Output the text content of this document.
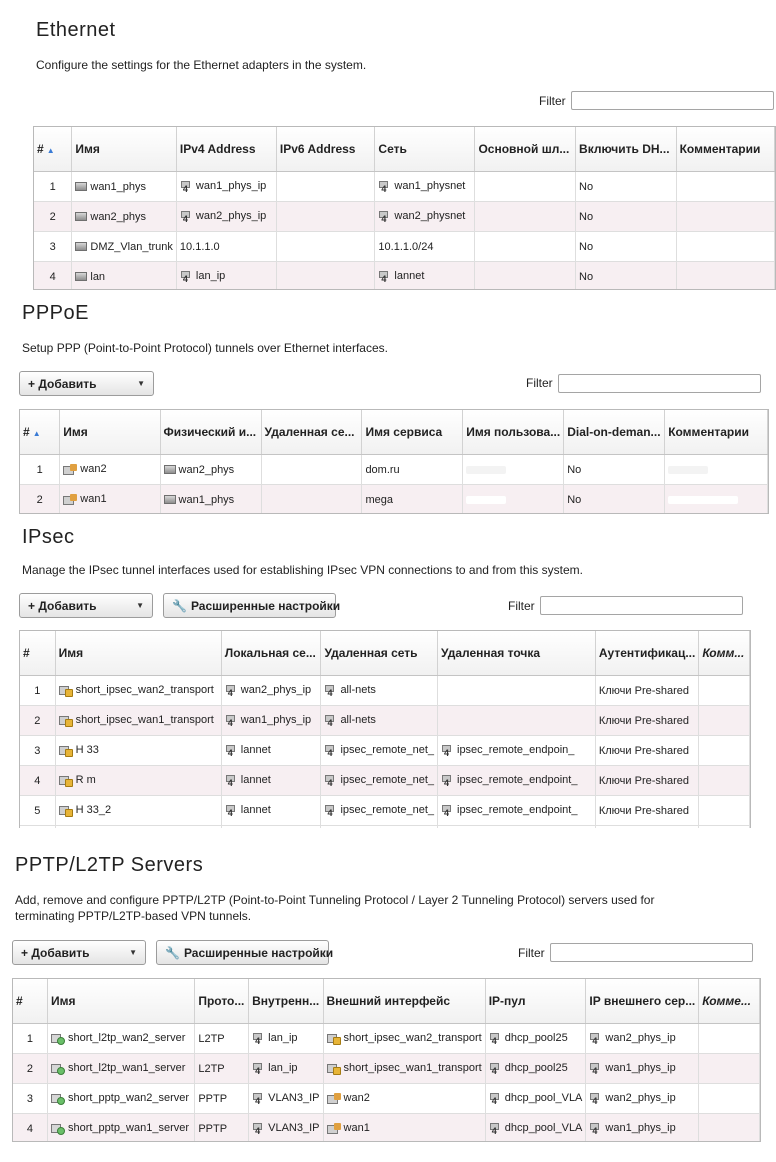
Ethernet
Configure the settings for the Ethernet adapters in the system.
Filter
# ▲	Имя	IPv4 Address	IPv6 Address	Сеть	Основной шл...	Включить DH...	Комментарии
1	wan1_phys	4wan1_phys_ip		4wan1_physnet		No	
2	wan2_phys	4wan2_phys_ip		4wan2_physnet		No	
3	DMZ_Vlan_trunk	10.1.1.0		10.1.1.0/24		No	
4	lan	4lan_ip		4lannet		No	
PPPoE
Setup PPP (Point-to-Point Protocol) tunnels over Ethernet interfaces.
+ Добавить	▼	Filter
# ▲	Имя	Физический и...	Удаленная се...	Имя сервиса	Имя пользова...	Dial-on-deman...	Комментарии
1	wan2	wan2_phys		dom.ru		No	
2	wan1	wan1_phys		mega		No	
IPsec
Manage the IPsec tunnel interfaces used for establishing IPsec VPN connections to and from this system.
+ Добавить	▼ 🔧 Расширенные настройки	Filter
#	Имя	Локальная се...	Удаленная сеть	Удаленная точка	Аутентификац...	Комм...
1	short_ipsec_wan2_transport	4wan2_phys_ip	4all-nets		Ключи Pre-shared	
2	short_ipsec_wan1_transport	4wan1_phys_ip	4all-nets		Ключи Pre-shared	
3	H 33	4lannet	4ipsec_remote_net_	4ipsec_remote_endpoin_	Ключи Pre-shared	
4	R m	4lannet	4ipsec_remote_net_	4ipsec_remote_endpoint_	Ключи Pre-shared	
5	H 33_2	4lannet	4ipsec_remote_net_	4ipsec_remote_endpoint_	Ключи Pre-shared	

PPTP/L2TP Servers
Add, remove and configure PPTP/L2TP (Point-to-Point Tunneling Protocol / Layer 2 Tunneling Protocol) servers used for
terminating PPTP/L2TP-based VPN tunnels.
+ Добавить	▼ 🔧 Расширенные настройки	Filter
#	Имя	Прото...	Внутренн...	Внешний интерфейс	IP-пул	IP внешнего сер...	Комме...
1	short_l2tp_wan2_server	L2TP	4lan_ip	short_ipsec_wan2_transport	4dhcp_pool25	4wan2_phys_ip	
2	short_l2tp_wan1_server	L2TP	4lan_ip	short_ipsec_wan1_transport	4dhcp_pool25	4wan1_phys_ip	
3	short_pptp_wan2_server	PPTP	4VLAN3_IP	wan2	4dhcp_pool_VLA	4wan2_phys_ip	
4	short_pptp_wan1_server	PPTP	4VLAN3_IP	wan1	4dhcp_pool_VLA	4wan1_phys_ip	
